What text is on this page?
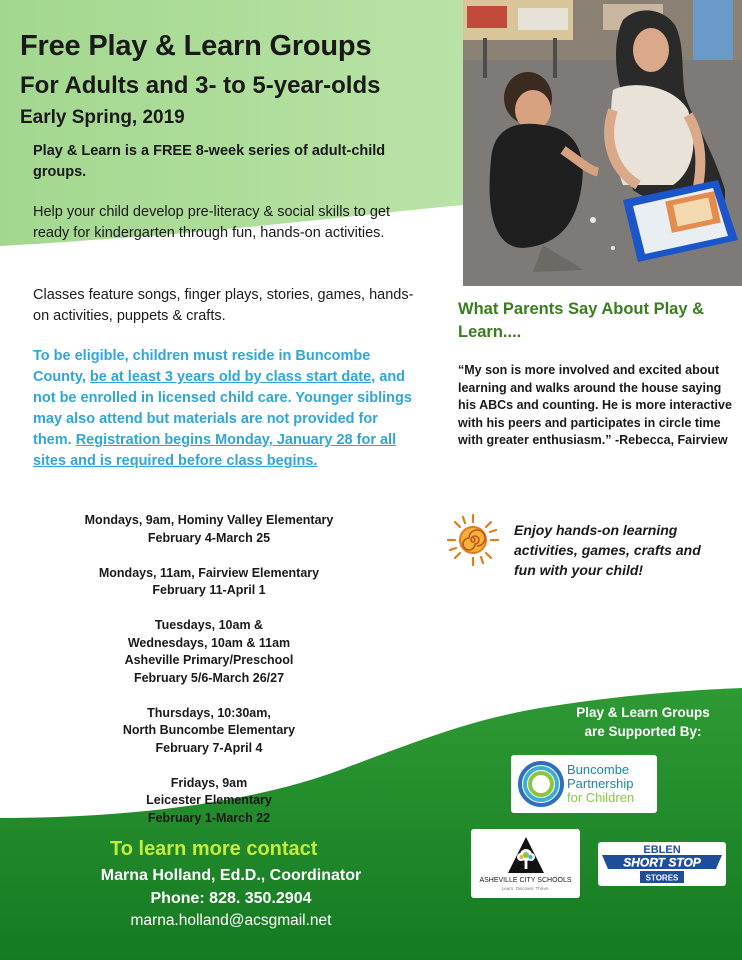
Free Play & Learn Groups
For Adults and 3- to 5-year-olds
Early Spring, 2019
Play & Learn is a FREE 8-week series of adult-child groups.
Help your child develop pre-literacy & social skills to get ready for kindergarten through fun, hands-on activities.
Classes feature songs, finger plays, stories, games, hands-on activities, puppets & crafts.
To be eligible, children must reside in Buncombe County, be at least 3 years old by class start date, and not be enrolled in licensed child care. Younger siblings may also attend but materials are not provided for them. Registration begins Monday, January 28 for all sites and is required before class begins.
Mondays, 9am, Hominy Valley Elementary
February 4-March 25
Mondays, 11am, Fairview Elementary
February 11-April 1
Tuesdays, 10am &
Wednesdays, 10am & 11am
Asheville Primary/Preschool
February 5/6-March 26/27
Thursdays, 10:30am,
North Buncombe Elementary
February 7-April 4
Fridays, 9am
Leicester Elementary
February 1-March 22
What Parents Say About Play & Learn....
“My son is more involved and excited about learning and walks around the house saying his ABCs and counting. He is more interactive with his peers and participates in circle time with greater enthusiasm.” -Rebecca, Fairview
Enjoy hands-on learning activities, games, crafts and fun with your child!
Play & Learn Groups
are Supported By:
Buncombe
Partnership
for Children
ASHEVILLE CITY SCHOOLS
Learn. Discover. Thrive.
EBLEN
SHORT STOP
STORES
To learn more contact
Marna Holland, Ed.D., Coordinator
Phone: 828. 350.2904
marna.holland@acsgmail.net
